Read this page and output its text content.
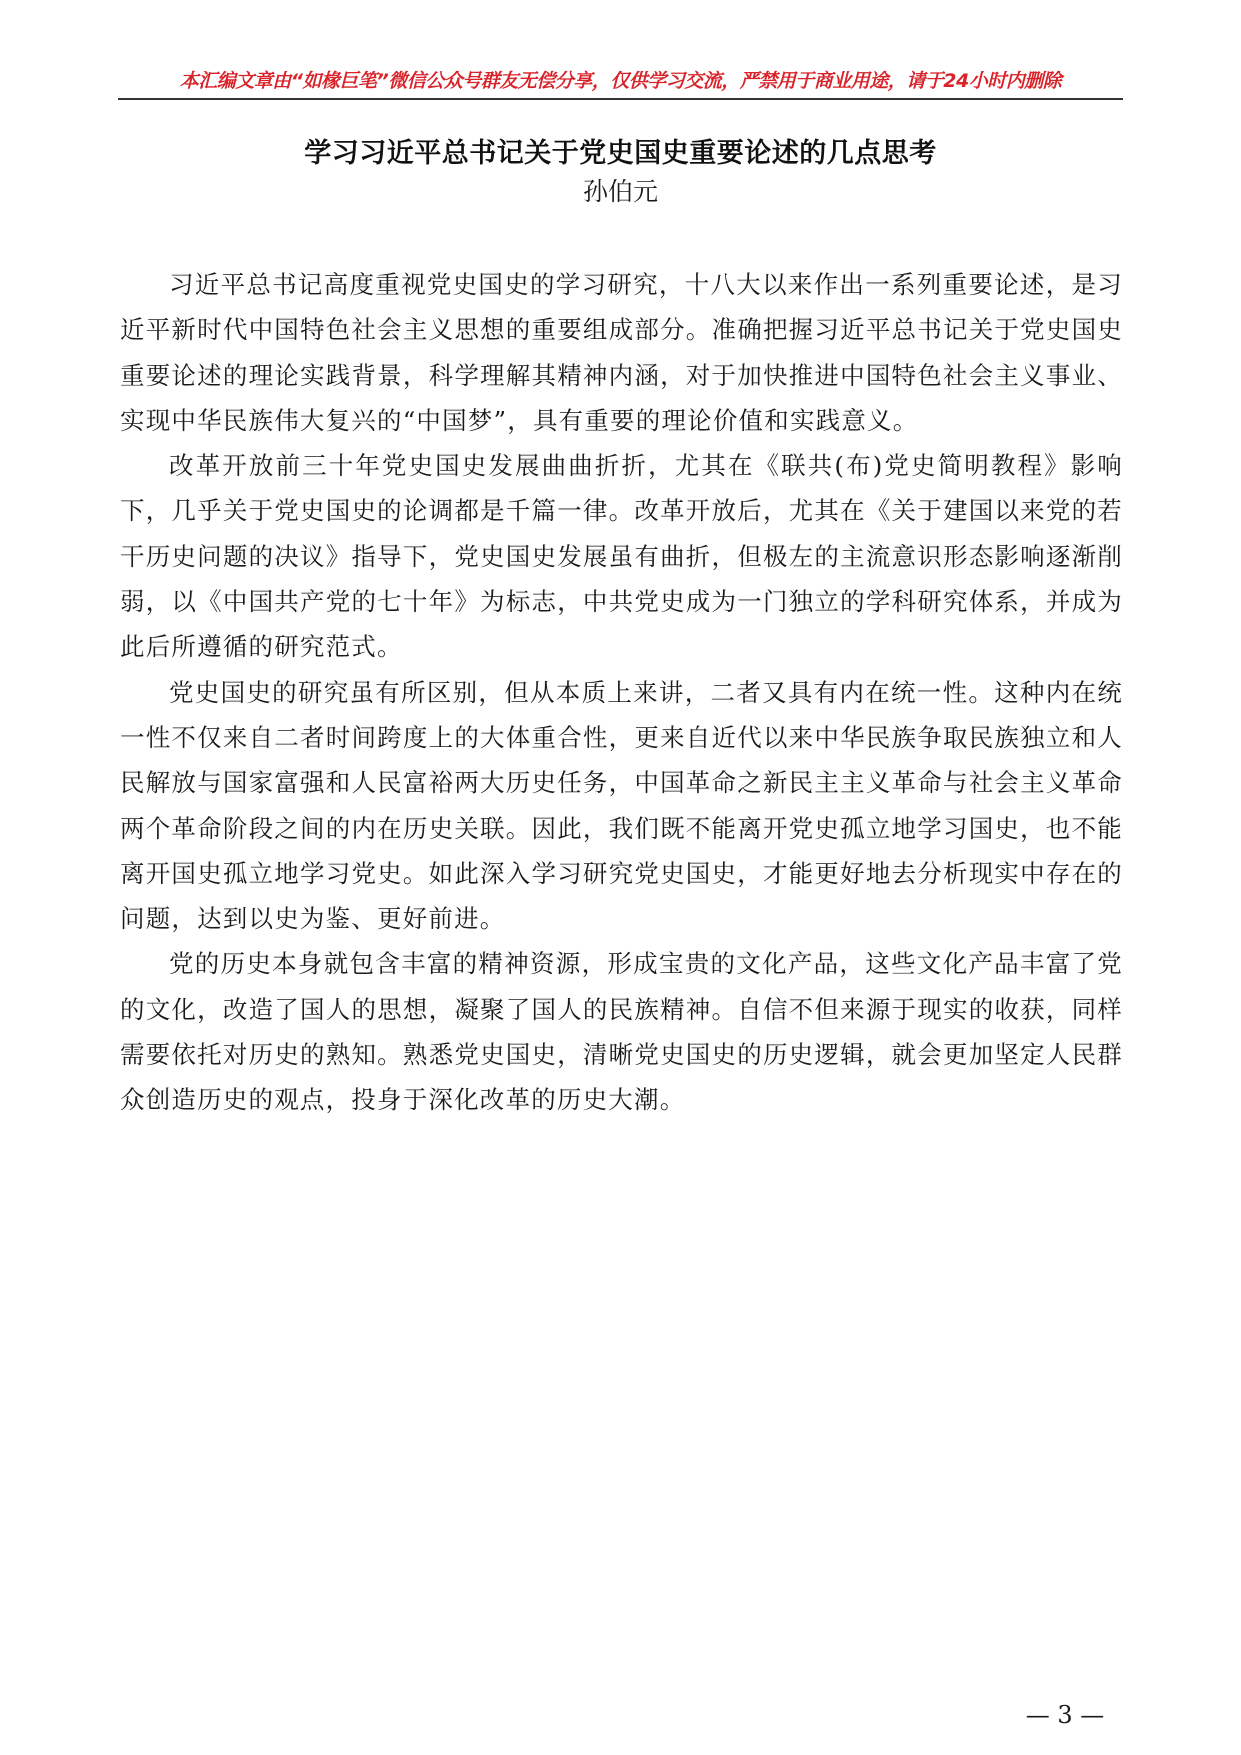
本汇编文章由“如椽巨笔”微信公众号群友无偿分享，仅供学习交流，严禁用于商业用途，请于24小时内删除
学习习近平总书记关于党史国史重要论述的几点思考
孙伯元

习近平总书记高度重视党史国史的学习研究，十八大以来作出一系列重要论述，是习近平新时代中国特色社会主义思想的重要组成部分。准确把握习近平总书记关于党史国史重要论述的理论实践背景，科学理解其精神内涵，对于加快推进中国特色社会主义事业、实现中华民族伟大复兴的“中国梦”，具有重要的理论价值和实践意义。

改革开放前三十年党史国史发展曲曲折折，尤其在《联共(布)党史简明教程》影响下，几乎关于党史国史的论调都是千篇一律。改革开放后，尤其在《关于建国以来党的若干历史问题的决议》指导下，党史国史发展虽有曲折，但极左的主流意识形态影响逐渐削弱，以《中国共产党的七十年》为标志，中共党史成为一门独立的学科研究体系，并成为此后所遵循的研究范式。

党史国史的研究虽有所区别，但从本质上来讲，二者又具有内在统一性。这种内在统一性不仅来自二者时间跨度上的大体重合性，更来自近代以来中华民族争取民族独立和人民解放与国家富强和人民富裕两大历史任务，中国革命之新民主主义革命与社会主义革命两个革命阶段之间的内在历史关联。因此，我们既不能离开党史孤立地学习国史，也不能离开国史孤立地学习党史。如此深入学习研究党史国史，才能更好地去分析现实中存在的问题，达到以史为鉴、更好前进。

党的历史本身就包含丰富的精神资源，形成宝贵的文化产品，这些文化产品丰富了党的文化，改造了国人的思想，凝聚了国人的民族精神。自信不但来源于现实的收获，同样需要依托对历史的熟知。熟悉党史国史，清晰党史国史的历史逻辑，就会更加坚定人民群众创造历史的观点，投身于深化改革的历史大潮。

— 3 —
